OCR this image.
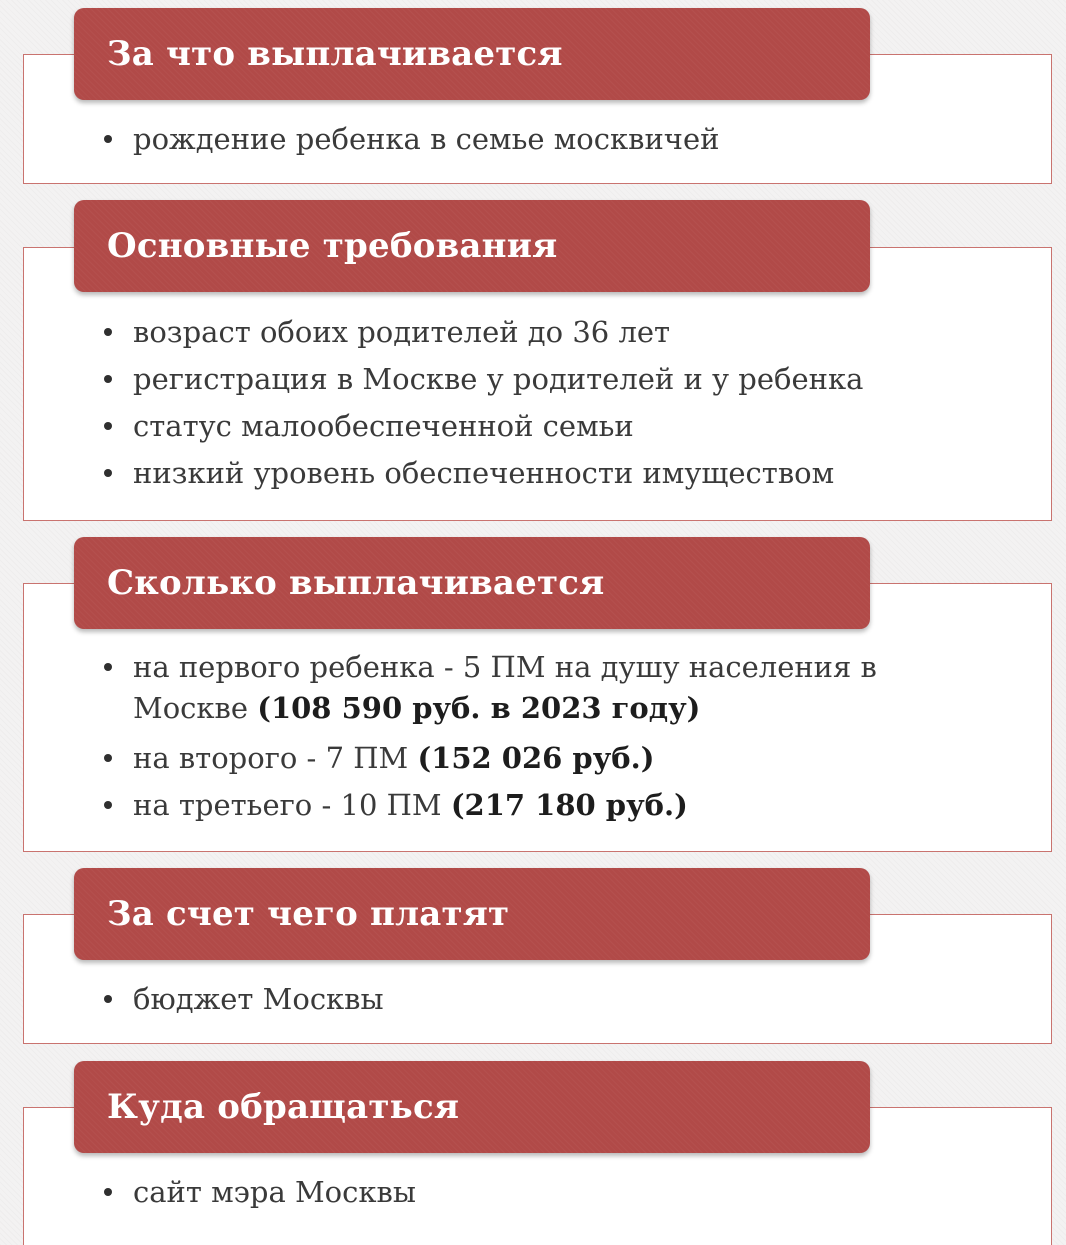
За что выплачивается
рождение ребенка в семье москвичей
Основные требования
возраст обоих родителей до 36 лет
регистрация в Москве у родителей и у ребенка
статус малообеспеченной семьи
низкий уровень обеспеченности имуществом
Сколько выплачивается
на первого ребенка - 5 ПМ на душу населения в Москве (108 590 руб. в 2023 году)
на второго - 7 ПМ (152 026 руб.)
на третьего - 10 ПМ (217 180 руб.)
За счет чего платят
бюджет Москвы
Куда обращаться
сайт мэра Москвы
